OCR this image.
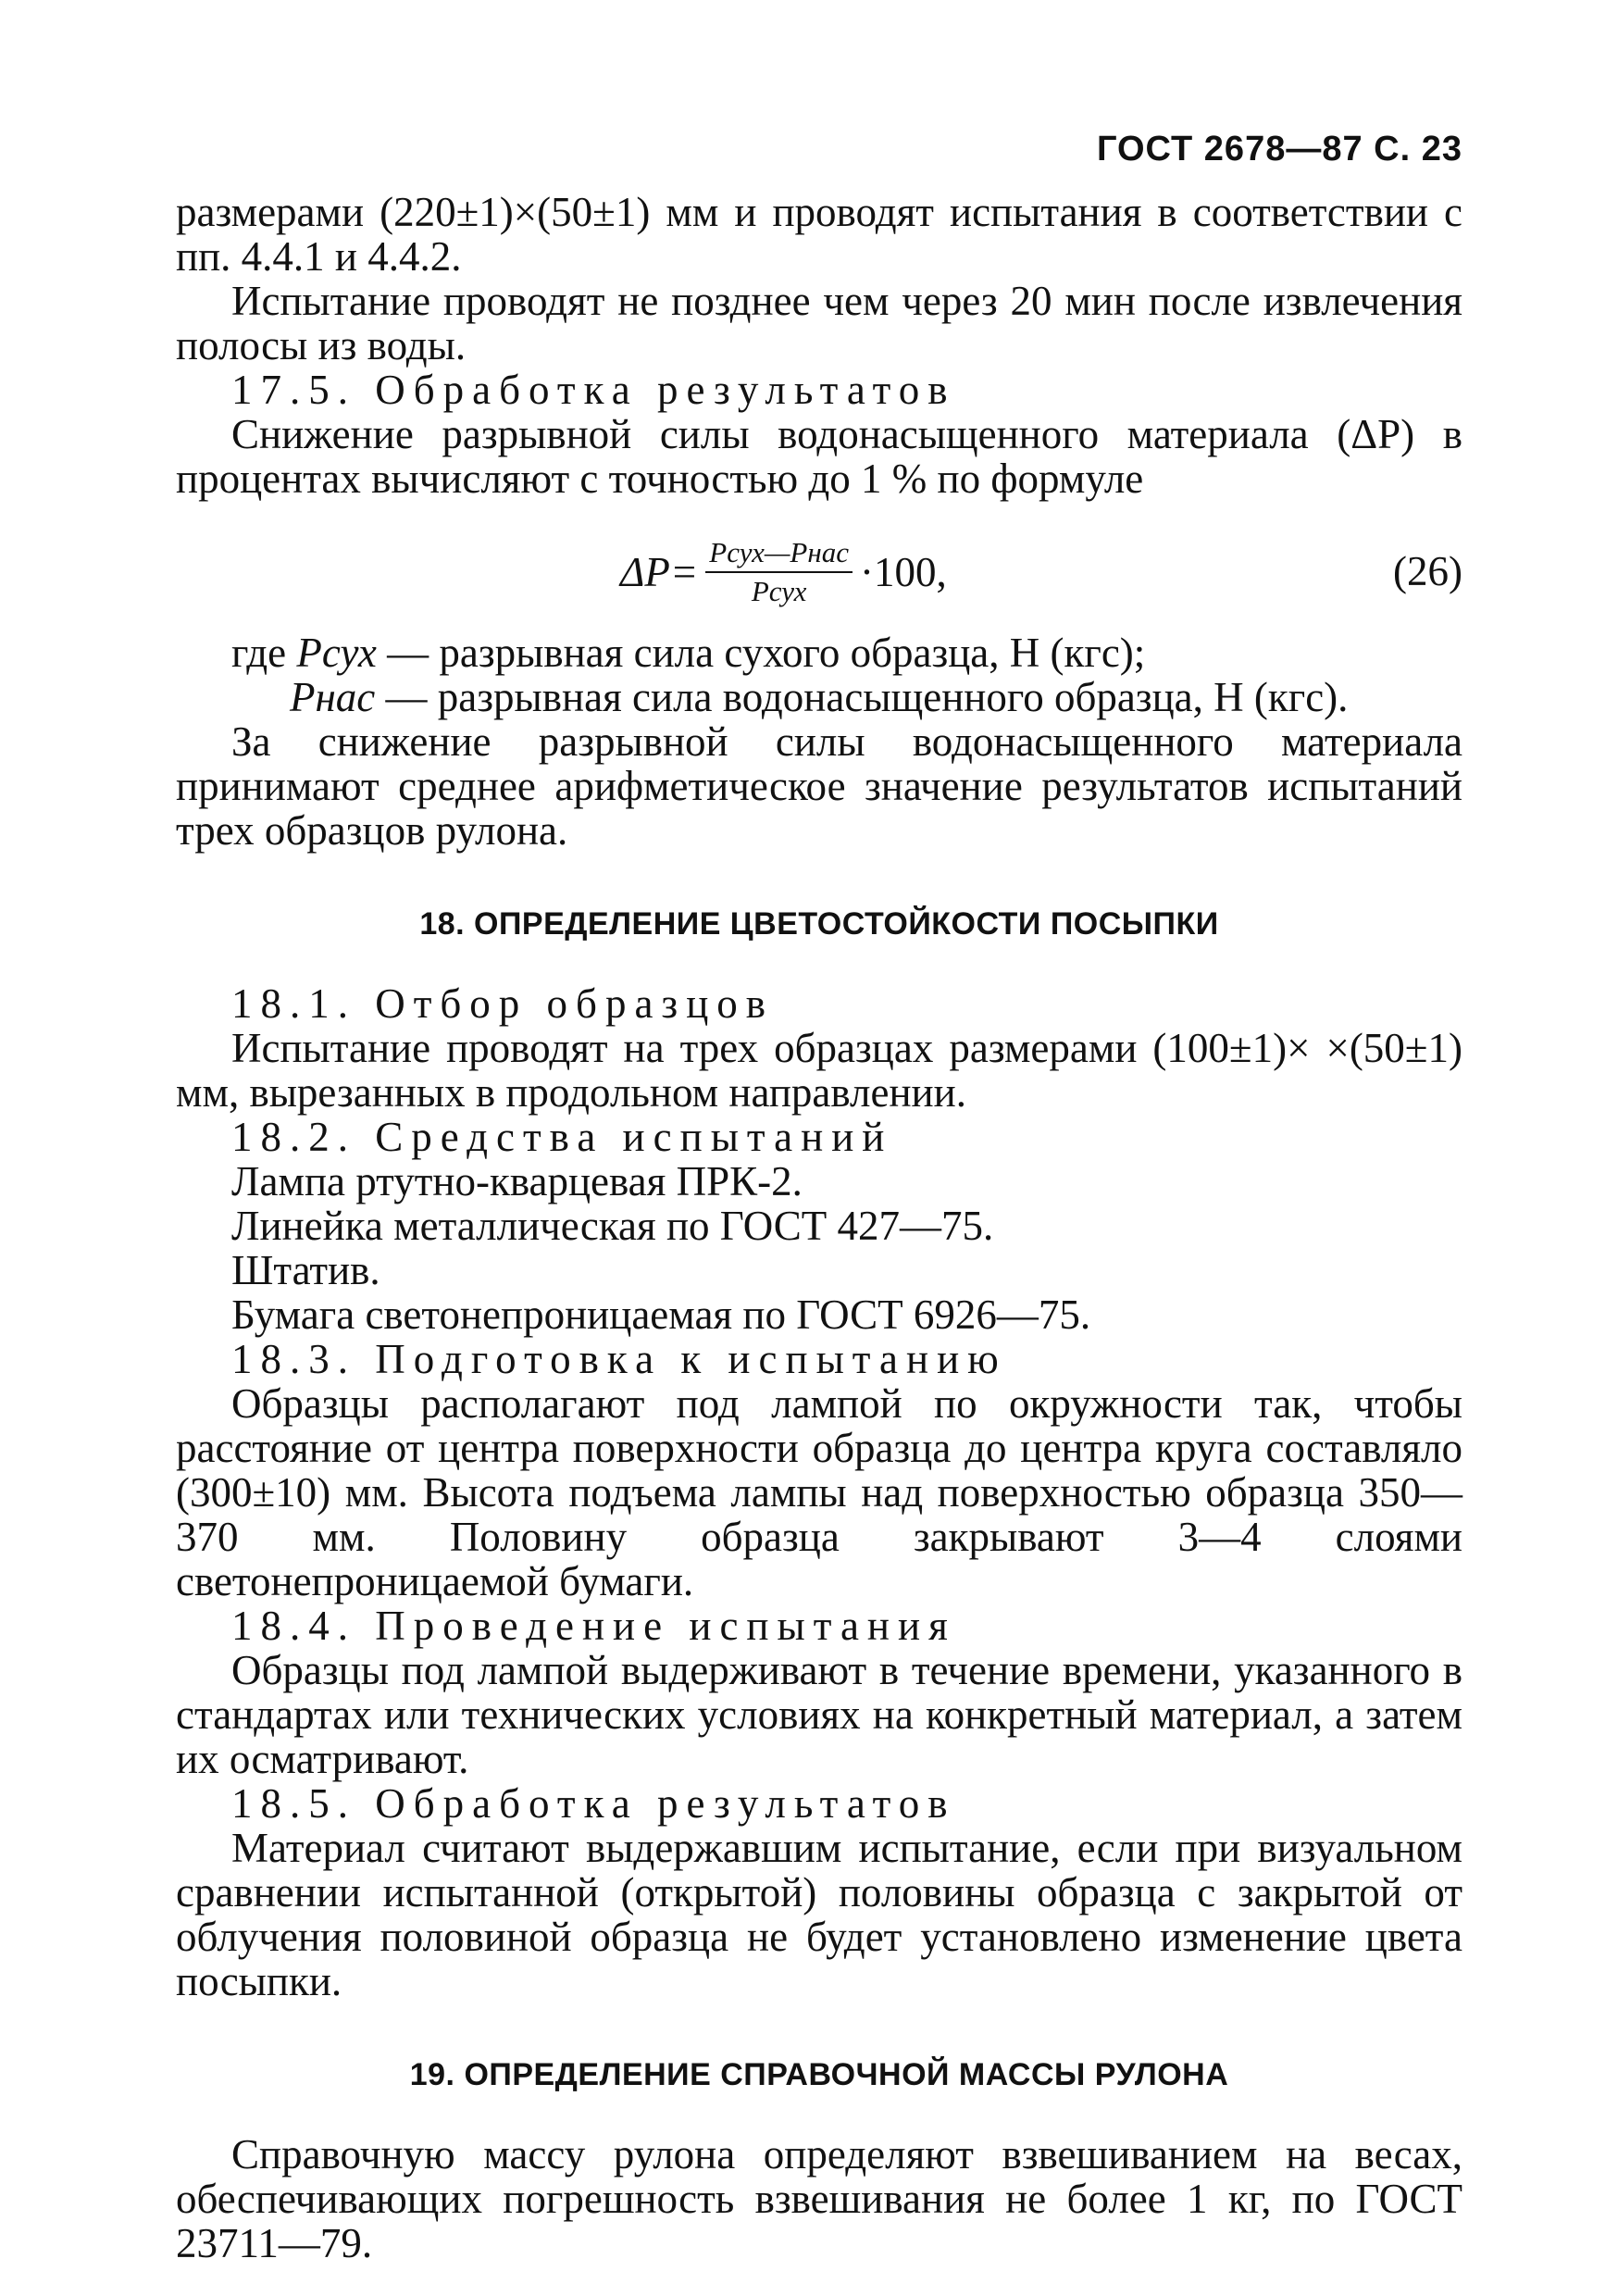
ГОСТ 2678—87 С. 23

размерами (220±1)×(50±1) мм и проводят испытания в соответствии с пп. 4.4.1 и 4.4.2.

Испытание проводят не позднее чем через 20 мин после извлечения полосы из воды.

17.5. Обработка результатов

Снижение разрывной силы водонасыщенного материала (ΔР) в процентах вычисляют с точностью до 1 % по формуле

$\Delta P= \frac{\text{Pсух—Pнас}}{\text{Pсух}} \cdot 100$,	(26)
где Pсух — разрывная сила сухого образца, Н (кгс);
Pнас — разрывная сила водонасыщенного образца, Н (кгс).

За снижение разрывной силы водонасыщенного материала принимают среднее арифметическое значение результатов испытаний трех образцов рулона.

18. ОПРЕДЕЛЕНИЕ ЦВЕТОСТОЙКОСТИ ПОСЫПКИ
18.1. Отбор образцов

Испытание проводят на трех образцах размерами (100±1)× ×(50±1) мм, вырезанных в продольном направлении.

18.2. Средства испытаний
Лампа ртутно-кварцевая ПРК-2.
Линейка металлическая по ГОСТ 427—75.
Штатив.
Бумага светонепроницаемая по ГОСТ 6926—75.
18.3. Подготовка к испытанию

Образцы располагают под лампой по окружности так, чтобы расстояние от центра поверхности образца до центра круга составляло (300±10) мм. Высота подъема лампы над поверхностью образца 350—370 мм. Половину образца закрывают 3—4 слоями светонепроницаемой бумаги.

18.4. Проведение испытания

Образцы под лампой выдерживают в течение времени, указанного в стандартах или технических условиях на конкретный материал, а затем их осматривают.

18.5. Обработка результатов

Материал считают выдержавшим испытание, если при визуальном сравнении испытанной (открытой) половины образца с закрытой от облучения половиной образца не будет установлено изменение цвета посыпки.

19. ОПРЕДЕЛЕНИЕ СПРАВОЧНОЙ МАССЫ РУЛОНА

Справочную массу рулона определяют взвешиванием на весах, обеспечивающих погрешность взвешивания не более 1 кг, по ГОСТ 23711—79.
